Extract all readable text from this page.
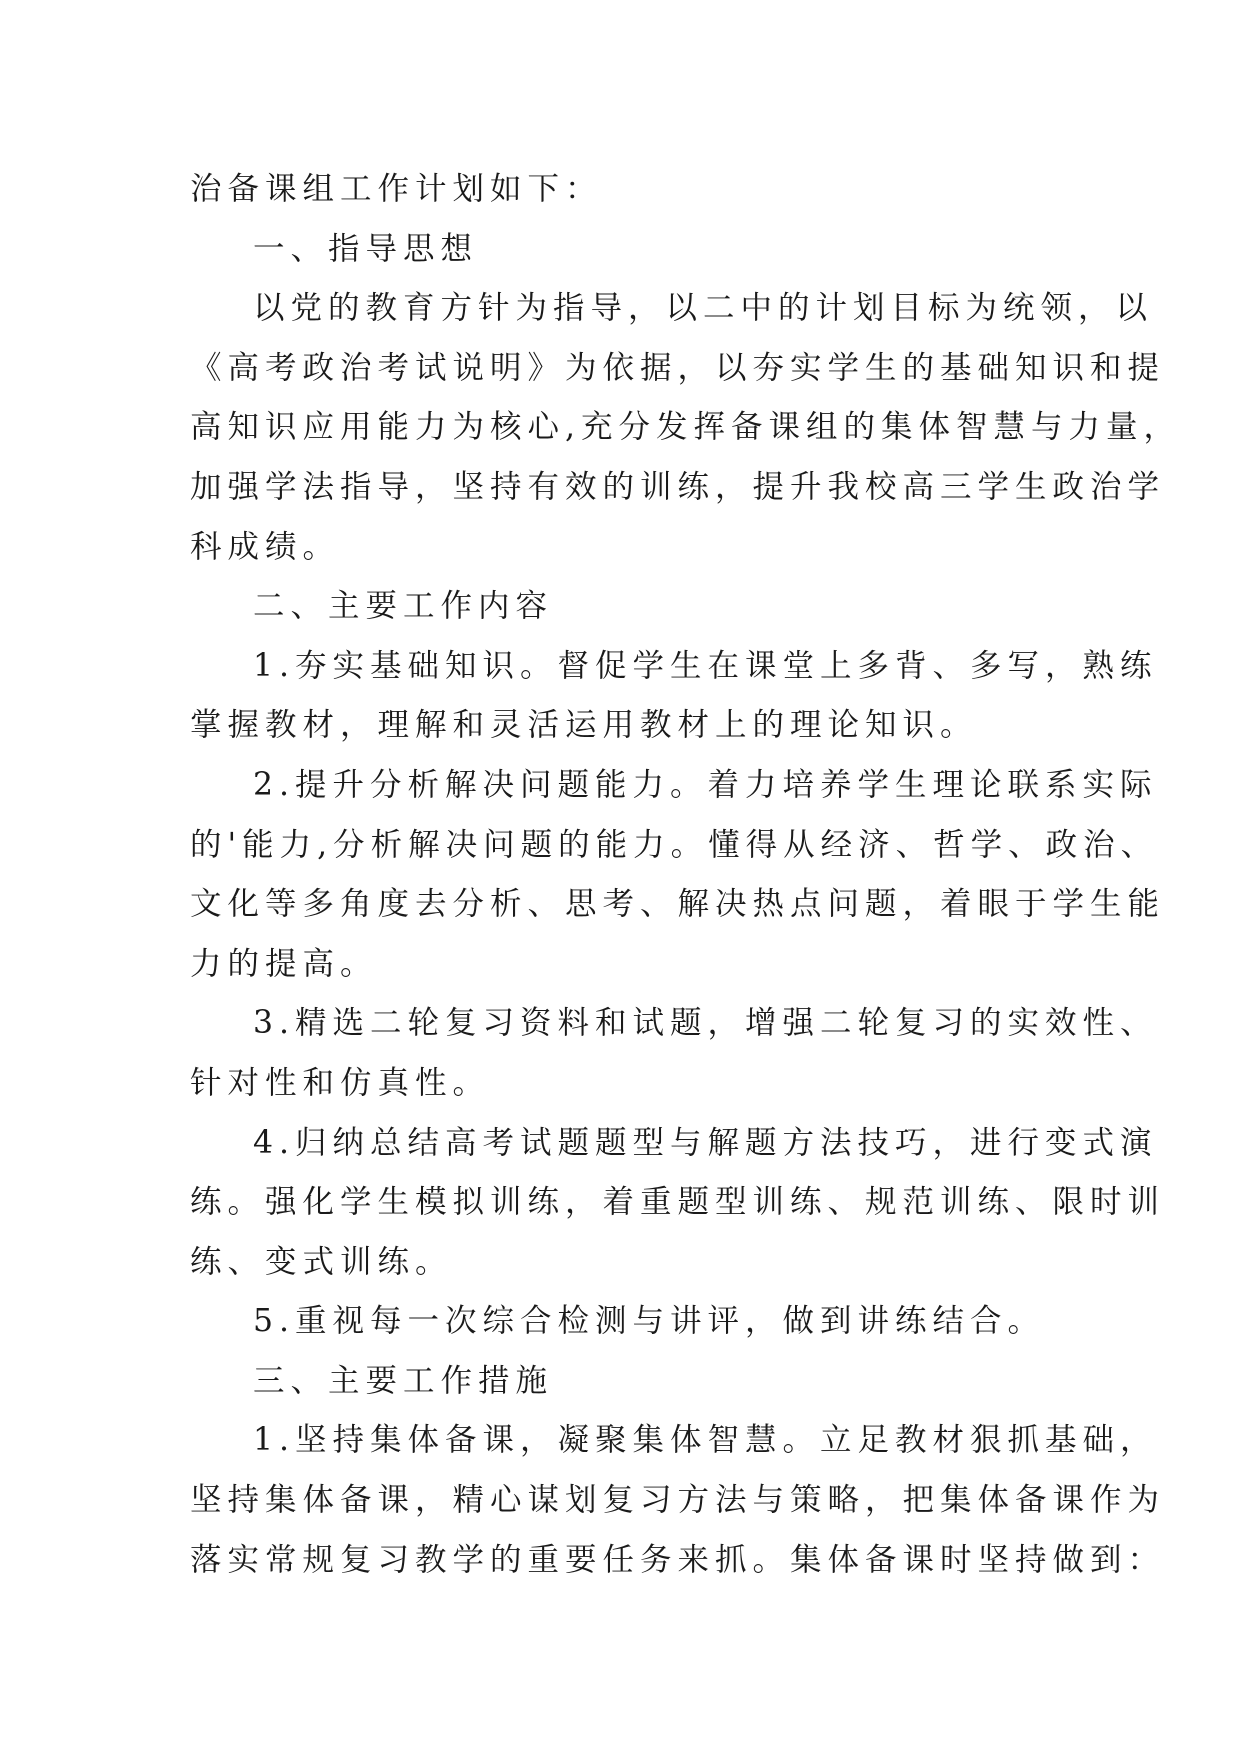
治备课组工作计划如下：
一、指导思想
以党的教育方针为指导，以二中的计划目标为统领，以
《高考政治考试说明》为依据，以夯实学生的基础知识和提
高知识应用能力为核心,充分发挥备课组的集体智慧与力量，
加强学法指导，坚持有效的训练，提升我校高三学生政治学
科成绩。
二、主要工作内容
1.夯实基础知识。督促学生在课堂上多背、多写，熟练
掌握教材，理解和灵活运用教材上的理论知识。
2.提升分析解决问题能力。着力培养学生理论联系实际
的'能力,分析解决问题的能力。懂得从经济、哲学、政治、
文化等多角度去分析、思考、解决热点问题，着眼于学生能
力的提高。
3.精选二轮复习资料和试题，增强二轮复习的实效性、
针对性和仿真性。
4.归纳总结高考试题题型与解题方法技巧，进行变式演
练。强化学生模拟训练，着重题型训练、规范训练、限时训
练、变式训练。
5.重视每一次综合检测与讲评，做到讲练结合。
三、主要工作措施
1.坚持集体备课，凝聚集体智慧。立足教材狠抓基础，
坚持集体备课，精心谋划复习方法与策略，把集体备课作为
落实常规复习教学的重要任务来抓。集体备课时坚持做到：
